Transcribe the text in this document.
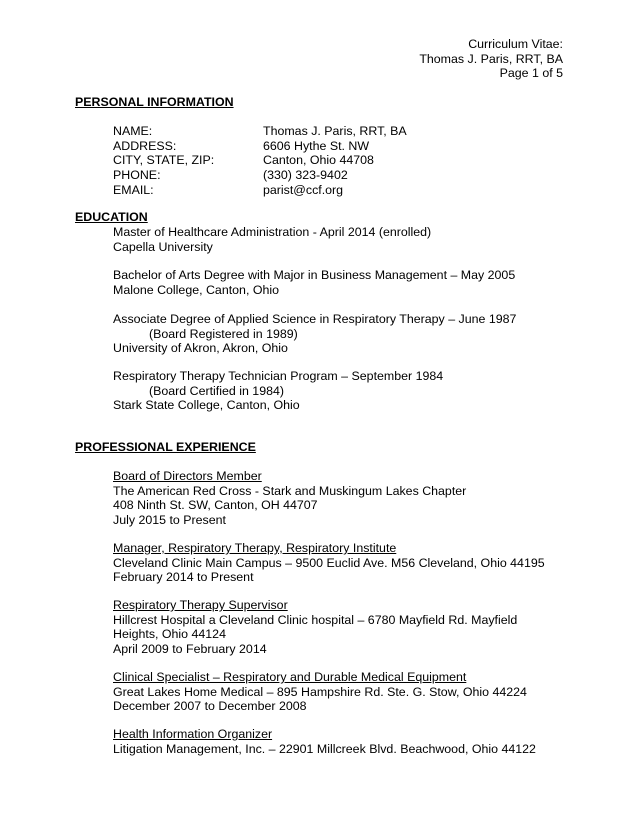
Curriculum Vitae:
Thomas J. Paris, RRT, BA
Page 1 of 5
PERSONAL INFORMATION
NAME:	Thomas J. Paris, RRT, BA
ADDRESS:	6606 Hythe St. NW
CITY, STATE, ZIP:	Canton, Ohio 44708
PHONE:	(330) 323-9402
EMAIL:	parist@ccf.org
EDUCATION
Master of Healthcare Administration - April 2014 (enrolled)
Capella University
Bachelor of Arts Degree with Major in Business Management – May 2005
Malone College, Canton, Ohio
Associate Degree of Applied Science in Respiratory Therapy – June 1987
(Board Registered in 1989)
University of Akron, Akron, Ohio
Respiratory Therapy Technician Program – September 1984
(Board Certified in 1984)
Stark State College, Canton, Ohio
PROFESSIONAL EXPERIENCE
Board of Directors Member
The American Red Cross - Stark and Muskingum Lakes Chapter
408 Ninth St. SW, Canton, OH 44707
July 2015 to Present
Manager, Respiratory Therapy, Respiratory Institute
Cleveland Clinic Main Campus – 9500 Euclid Ave. M56 Cleveland, Ohio 44195
February 2014 to Present
Respiratory Therapy Supervisor
Hillcrest Hospital a Cleveland Clinic hospital – 6780 Mayfield Rd. Mayfield
Heights, Ohio 44124
April 2009 to February 2014
Clinical Specialist – Respiratory and Durable Medical Equipment
Great Lakes Home Medical – 895 Hampshire Rd. Ste. G. Stow, Ohio 44224
December 2007 to December 2008
Health Information Organizer
Litigation Management, Inc. – 22901 Millcreek Blvd. Beachwood, Ohio 44122
